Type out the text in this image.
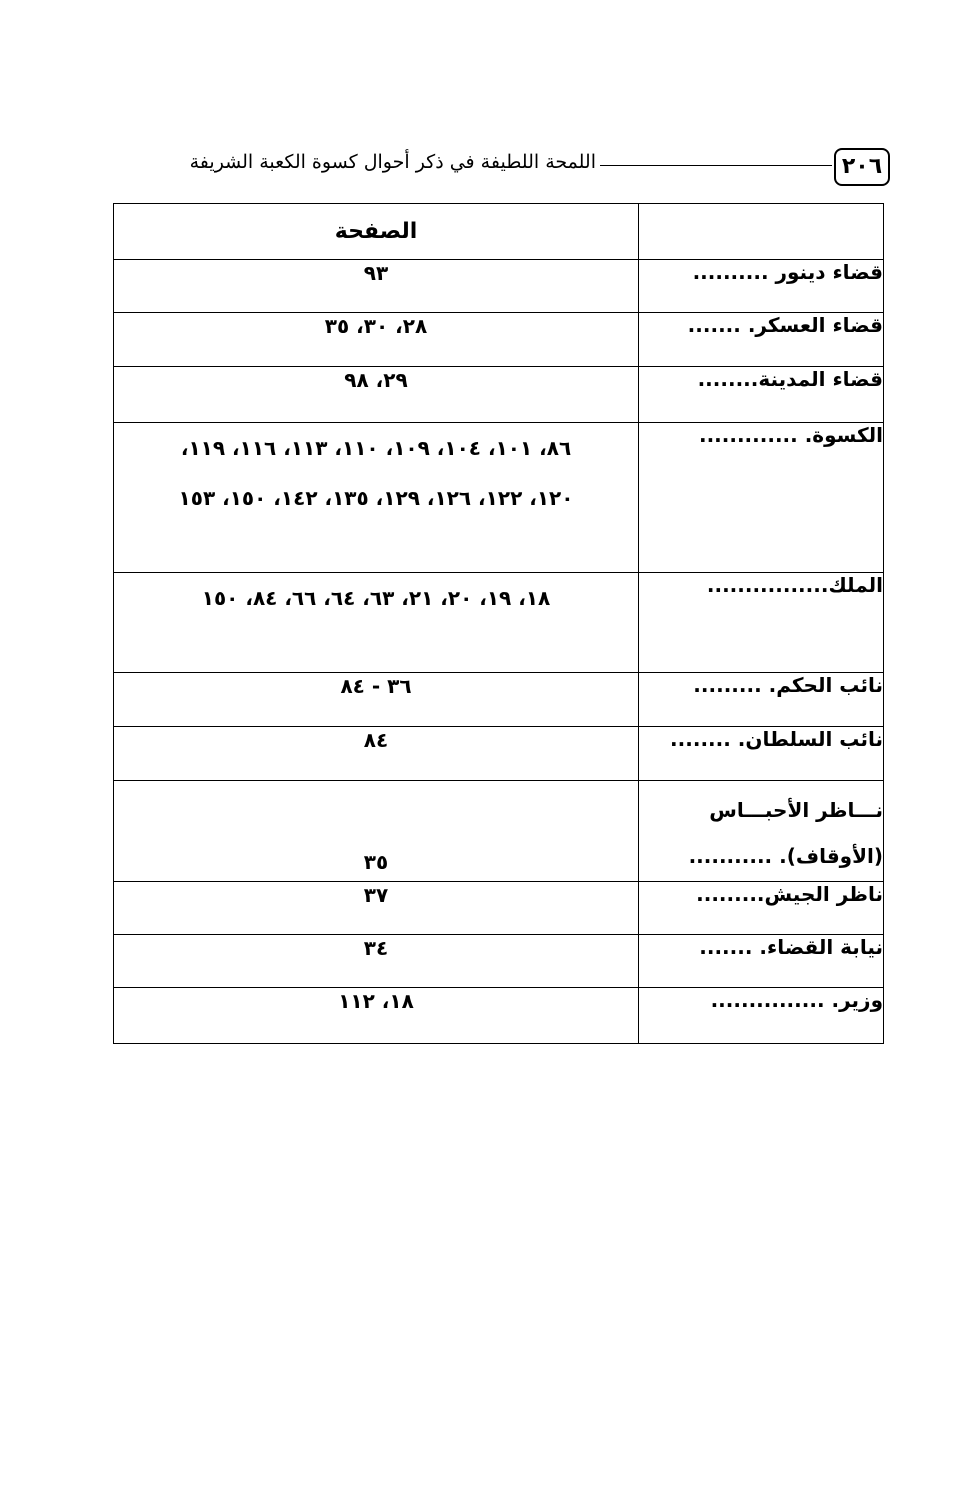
٢٠٦
اللمحة اللطيفة في ذكر أحوال كسوة الكعبة الشريفة
	الصفحة
قضاء دينور ..........	٩٣
قضاء العسكر. .......	٢٨، ٣٠، ٣٥
قضاء المدينة........	٢٩، ٩٨
الكسوة. .............	٨٦، ١٠١، ١٠٤، ١٠٩، ١١٠، ١١٣، ١١٦، ١١٩، ١٢٠، ١٢٢، ١٢٦، ١٢٩، ١٣٥، ١٤٢، ١٥٠، ١٥٣
الملك................	١٨، ١٩، ٢٠، ٢١، ٦٣، ٦٤، ٦٦، ٨٤، ١٥٠
نائب الحكم. .........	٣٦ - ٨٤
نائب السلطان. ........	٨٤
نـــاظر الأحبـــاس (الأوقاف). ...........	٣٥
ناظر الجيش.........	٣٧
نيابة القضاء. .......	٣٤
وزير. ...............	١٨، ١١٢
